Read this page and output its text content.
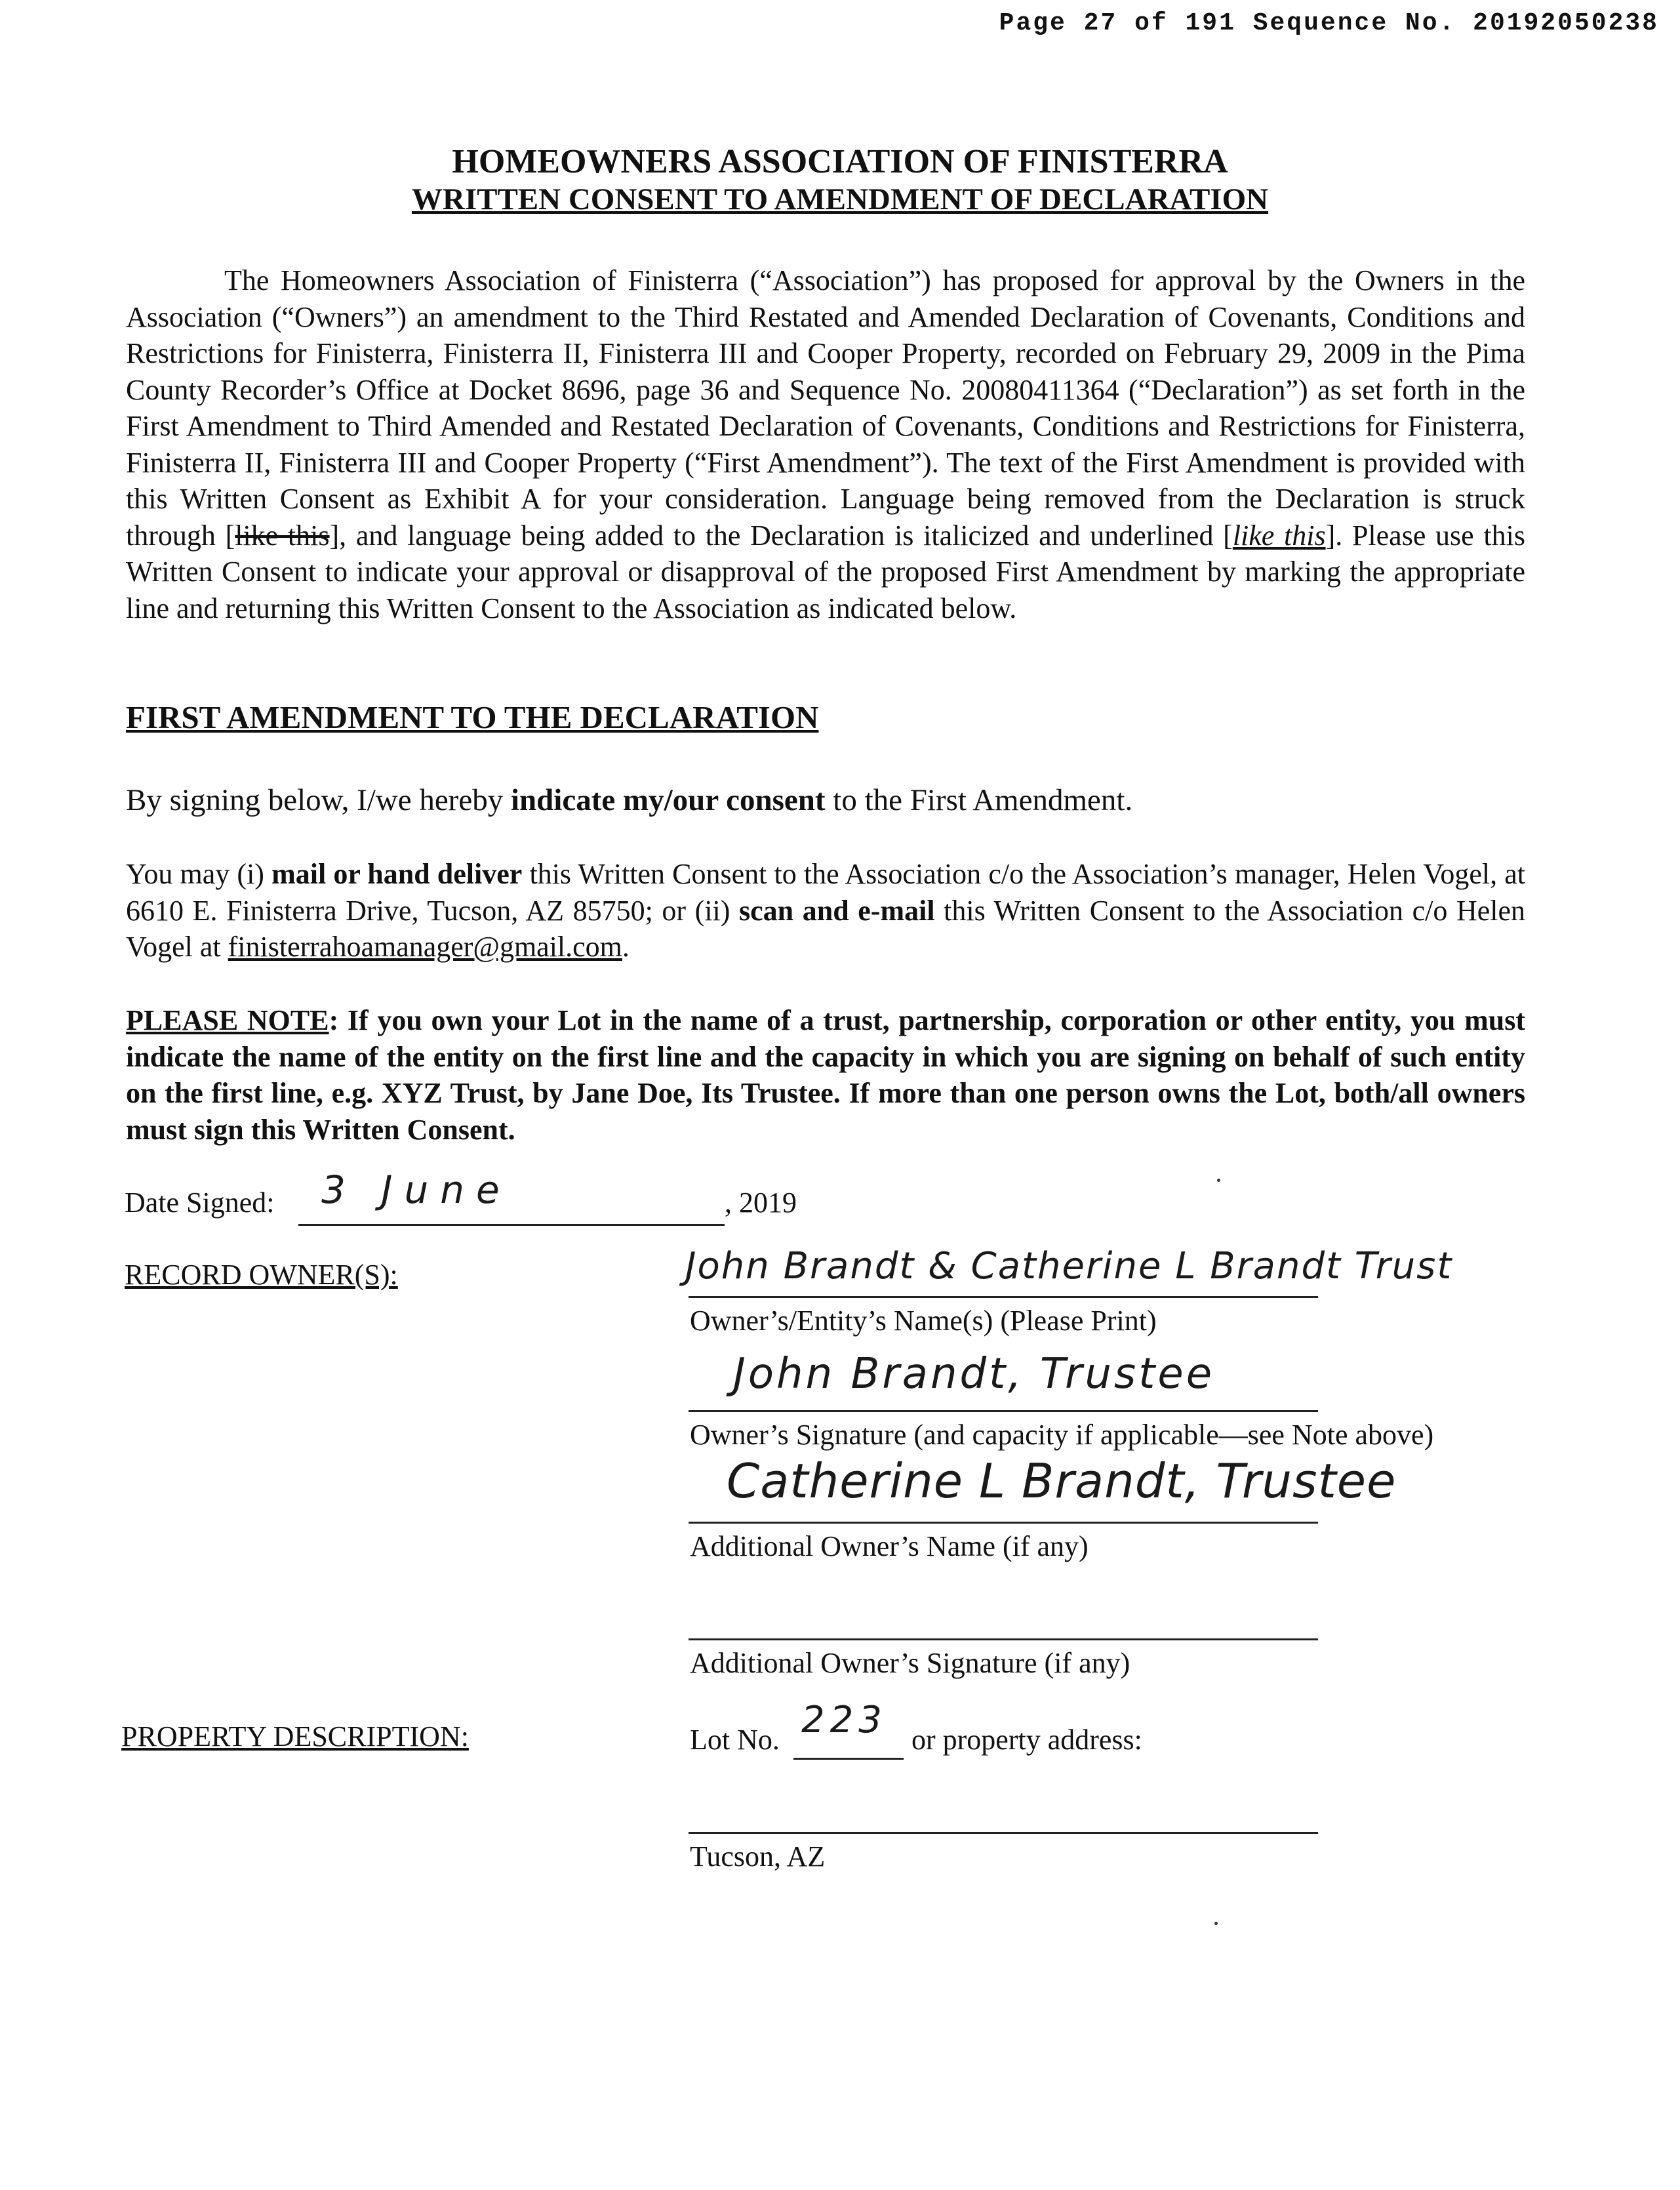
Page 27 of 191 Sequence No. 20192050238
HOMEOWNERS ASSOCIATION OF FINISTERRA
WRITTEN CONSENT TO AMENDMENT OF DECLARATION
The Homeowners Association of Finisterra (“Association”) has proposed for approval by the Owners in the Association (“Owners”) an amendment to the Third Restated and Amended Declaration of Covenants, Conditions and Restrictions for Finisterra, Finisterra II, Finisterra III and Cooper Property, recorded on February 29, 2009 in the Pima County Recorder’s Office at Docket 8696, page 36 and Sequence No. 20080411364 (“Declaration”) as set forth in the First Amendment to Third Amended and Restated Declaration of Covenants, Conditions and Restrictions for Finisterra, Finisterra II, Finisterra III and Cooper Property (“First Amendment”). The text of the First Amendment is provided with this Written Consent as Exhibit A for your consideration. Language being removed from the Declaration is struck through [like this], and language being added to the Declaration is italicized and underlined [like this]. Please use this Written Consent to indicate your approval or disapproval of the proposed First Amendment by marking the appropriate line and returning this Written Consent to the Association as indicated below.
FIRST AMENDMENT TO THE DECLARATION
By signing below, I/we hereby indicate my/our consent to the First Amendment.
You may (i) mail or hand deliver this Written Consent to the Association c/o the Association’s manager, Helen Vogel, at 6610 E. Finisterra Drive, Tucson, AZ 85750; or (ii) scan and e-mail this Written Consent to the Association c/o Helen Vogel at finisterrahoamanager@gmail.com.
PLEASE NOTE: If you own your Lot in the name of a trust, partnership, corporation or other entity, you must indicate the name of the entity on the first line and the capacity in which you are signing on behalf of such entity on the first line, e.g. XYZ Trust, by Jane Doe, Its Trustee. If more than one person owns the Lot, both/all owners must sign this Written Consent.
Date Signed: 3 June	, 2019
RECORD OWNER(S):	John Brandt & Catherine L Brandt Trust
Owner’s/Entity’s Name(s) (Please Print)
John Brandt, Trustee
Owner’s Signature (and capacity if applicable—see Note above)
Catherine L Brandt, Trustee
Additional Owner’s Name (if any)
Additional Owner’s Signature (if any)
PROPERTY DESCRIPTION:	Lot No. 223 or property address:
Tucson, AZ
